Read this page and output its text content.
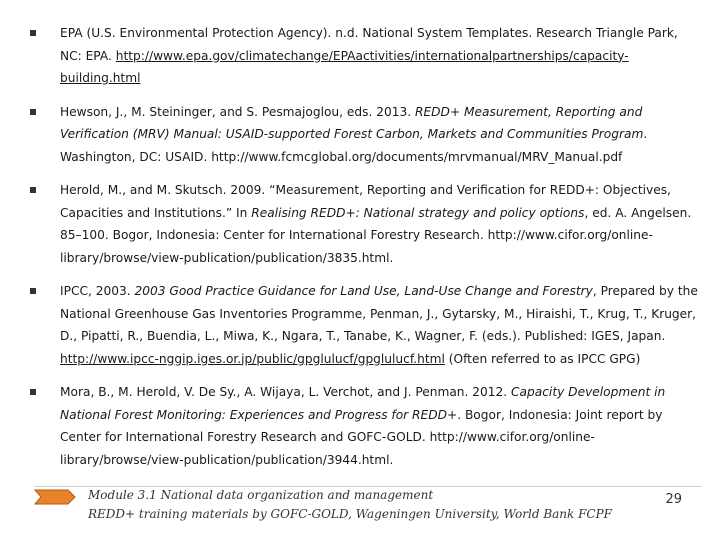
EPA (U.S. Environmental Protection Agency). n.d. National System Templates. Research Triangle Park, NC: EPA. http://www.epa.gov/climatechange/EPAactivities/internationalpartnerships/capacity-building.html
Hewson, J., M. Steininger, and S. Pesmajoglou, eds. 2013. REDD+ Measurement, Reporting and Verification (MRV) Manual: USAID-supported Forest Carbon, Markets and Communities Program. Washington, DC: USAID. http://www.fcmcglobal.org/documents/mrvmanual/MRV_Manual.pdf
Herold, M., and M. Skutsch. 2009. “Measurement, Reporting and Verification for REDD+: Objectives, Capacities and Institutions.” In Realising REDD+: National strategy and policy options, ed. A. Angelsen. 85–100. Bogor, Indonesia: Center for International Forestry Research. http://www.cifor.org/online-library/browse/view-publication/publication/3835.html.
IPCC, 2003. 2003 Good Practice Guidance for Land Use, Land-Use Change and Forestry, Prepared by the National Greenhouse Gas Inventories Programme, Penman, J., Gytarsky, M., Hiraishi, T., Krug, T., Kruger, D., Pipatti, R., Buendia, L., Miwa, K., Ngara, T., Tanabe, K., Wagner, F. (eds.). Published: IGES, Japan. http://www.ipcc-nggip.iges.or.jp/public/gpglulucf/gpglulucf.html (Often referred to as IPCC GPG)
Mora, B., M. Herold, V. De Sy., A. Wijaya, L. Verchot, and J. Penman. 2012. Capacity Development in National Forest Monitoring: Experiences and Progress for REDD+. Bogor, Indonesia: Joint report by Center for International Forestry Research and GOFC-GOLD. http://www.cifor.org/online-library/browse/view-publication/publication/3944.html.
Module 3.1 National data organization and management
REDD+ training materials by GOFC-GOLD, Wageningen University, World Bank FCPF
29
